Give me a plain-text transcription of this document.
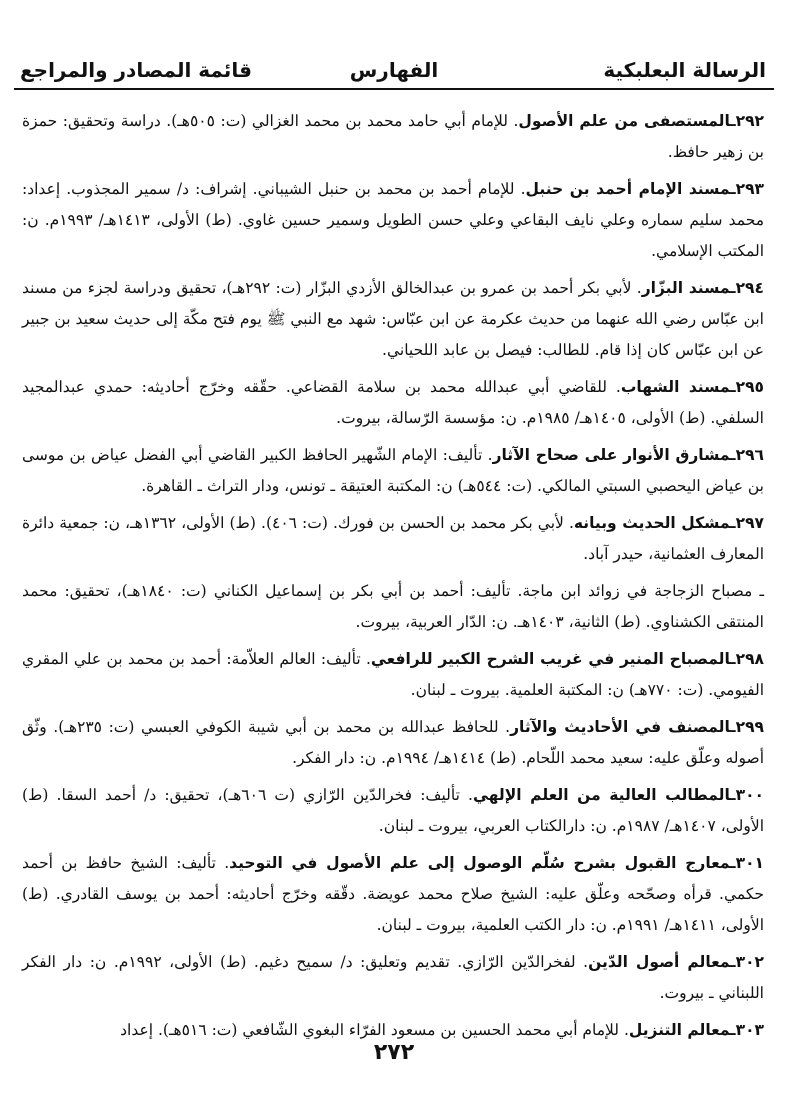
الرسالة البعلبكية
الفهارس
قائمة المصادر والمراجع

٢٩٢ـالمستصفى من علم الأصول. للإمام أبي حامد محمد بن محمد الغزالي (ت: ٥٠٥هـ). دراسة وتحقيق: حمزة بن زهير حافظ.

٢٩٣ـمسند الإمام أحمد بن حنبل. للإمام أحمد بن محمد بن حنبل الشيباني. إشراف: د/ سمير المجذوب. إعداد: محمد سليم سماره وعلي نايف البقاعي وعلي حسن الطويل وسمير حسين غاوي. (ط) الأولى، ١٤١٣هـ/ ١٩٩٣م. ن: المكتب الإسلامي.

٢٩٤ـمسند البزّار. لأبي بكر أحمد بن عمرو بن عبدالخالق الأزدي البزّار (ت: ٢٩٢هـ)، تحقيق ودراسة لجزء من مسند ابن عبّاس رضي الله عنهما من حديث عكرمة عن ابن عبّاس: شهد مع النبي ﷺ يوم فتح مكّة إلى حديث سعيد بن جبير عن ابن عبّاس كان إذا قام. للطالب: فيصل بن عابد اللحياني.

٢٩٥ـمسند الشهاب. للقاضي أبي عبدالله محمد بن سلامة القضاعي. حقّقه وخرّج أحاديثه: حمدي عبدالمجيد السلفي. (ط) الأولى، ١٤٠٥هـ/ ١٩٨٥م. ن: مؤسسة الرّسالة، بيروت.

٢٩٦ـمشارق الأنوار على صحاح الآثار. تأليف: الإمام الشّهير الحافظ الكبير القاضي أبي الفضل عياض بن موسى بن عياض اليحصبي السبتي المالكي. (ت: ٥٤٤هـ) ن: المكتبة العتيقة ـ تونس، ودار التراث ـ القاهرة.

٢٩٧ـمشكل الحديث وبيانه. لأبي بكر محمد بن الحسن بن فورك. (ت: ٤٠٦). (ط) الأولى، ١٣٦٢هـ، ن: جمعية دائرة المعارف العثمانية، حيدر آباد.

ـ مصباح الزجاجة في زوائد ابن ماجة. تأليف: أحمد بن أبي بكر بن إسماعيل الكناني (ت: ١٨٤٠هـ)، تحقيق: محمد المنتقى الكشناوي. (ط) الثانية، ١٤٠٣هـ. ن: الدّار العربية، بيروت.

٢٩٨ـالمصباح المنير في غريب الشرح الكبير للرافعي. تأليف: العالم العلاّمة: أحمد بن محمد بن علي المقري الفيومي. (ت: ٧٧٠هـ) ن: المكتبة العلمية. بيروت ـ لبنان.

٢٩٩ـالمصنف في الأحاديث والآثار. للحافظ عبدالله بن محمد بن أبي شيبة الكوفي العبسي (ت: ٢٣٥هـ). وثّق أصوله وعلّق عليه: سعيد محمد اللّحام. (ط) ١٤١٤هـ/ ١٩٩٤م. ن: دار الفكر.

٣٠٠ـالمطالب العالية من العلم الإلهي. تأليف: فخرالدّين الرّازي (ت ٦٠٦هـ)، تحقيق: د/ أحمد السقا. (ط) الأولى، ١٤٠٧هـ/ ١٩٨٧م. ن: دارالكتاب العربي، بيروت ـ لبنان.

٣٠١ـمعارج القبول بشرح سُلّم الوصول إلى علم الأصول في التوحيد. تأليف: الشيخ حافظ بن أحمد حكمي. قرأه وصحّحه وعلّق عليه: الشيخ صلاح محمد عويضة. دقّقه وخرّج أحاديثه: أحمد بن يوسف القادري. (ط) الأولى، ١٤١١هـ/ ١٩٩١م. ن: دار الكتب العلمية، بيروت ـ لبنان.

٣٠٢ـمعالم أصول الدّين. لفخرالدّين الرّازي. تقديم وتعليق: د/ سميح دغيم. (ط) الأولى، ١٩٩٢م. ن: دار الفكر اللبناني ـ بيروت.

٣٠٣ـمعالم التنزيل. للإمام أبي محمد الحسين بن مسعود الفرّاء البغوي الشّافعي (ت: ٥١٦هـ). إعداد

٢٧٢
